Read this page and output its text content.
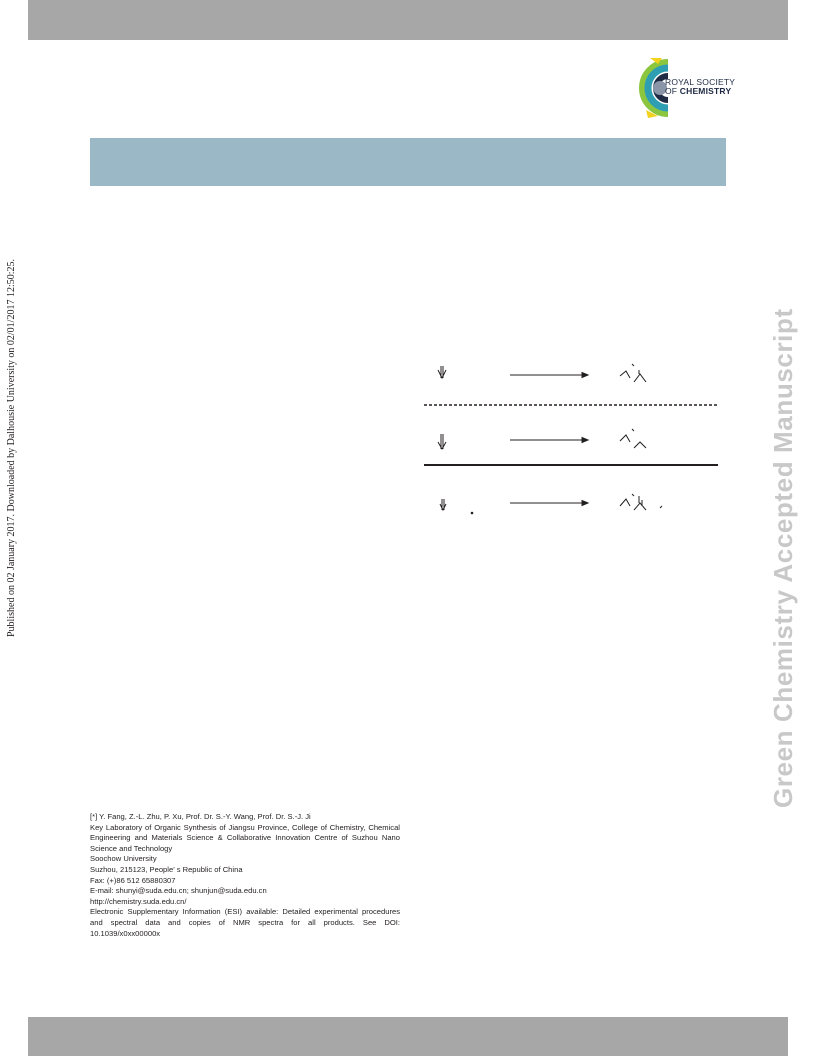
ROYAL SOCIETY
OF CHEMISTRY
Published on 02 January 2017. Downloaded by Dalhousie University on 02/01/2017 12:50:25.	Green Chemistry Accepted Manuscript
[*] Y. Fang, Z.-L. Zhu, P. Xu, Prof. Dr. S.-Y. Wang, Prof. Dr. S.-J. Ji
Key Laboratory of Organic Synthesis of Jiangsu Province, College of Chemistry, Chemical Engineering and Materials Science & Collaborative Innovation Centre of Suzhou Nano Science and Technology
Soochow University
Suzhou, 215123, People’ s Republic of China
Fax: (+)86 512 65880307
E-mail: shunyi@suda.edu.cn; shunjun@suda.edu.cn
http://chemistry.suda.edu.cn/
Electronic Supplementary Information (ESI) available: Detailed experimental procedures and spectral data and copies of NMR spectra for all products. See DOI: 10.1039/x0xx00000x
